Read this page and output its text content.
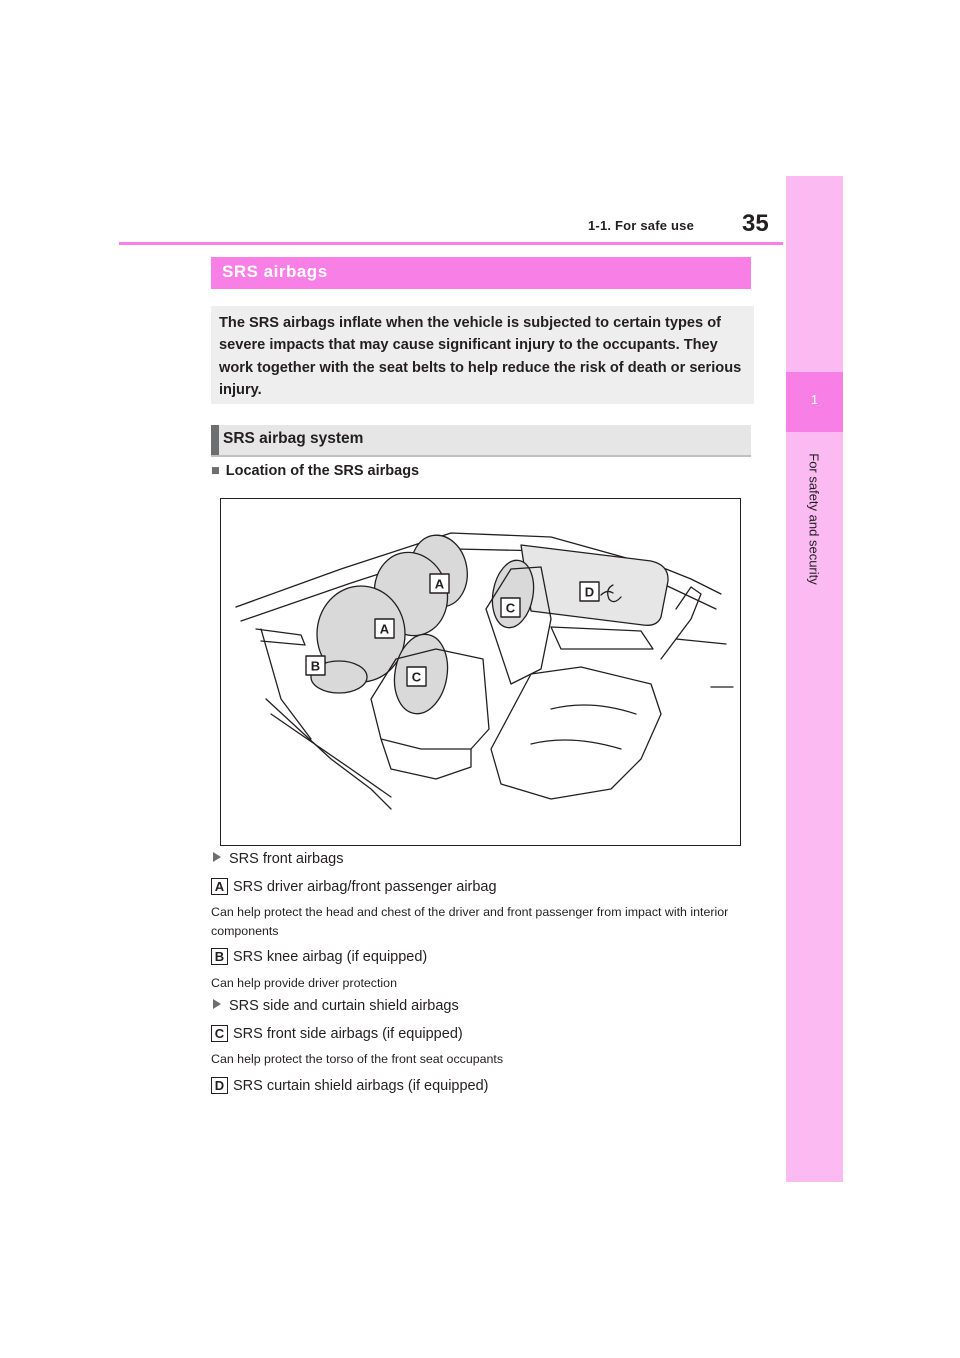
1-1. For safe use 35
1
For safety and security
SRS airbags
The SRS airbags inflate when the vehicle is subjected to certain types of severe impacts that may cause significant injury to the occupants. They work together with the seat belts to help reduce the risk of death or serious injury.
SRS airbag system
■ Location of the SRS airbags
A
A
B
C
C
D
SRS front airbags
A SRS driver airbag/front passenger airbag
Can help protect the head and chest of the driver and front passenger from impact with interior components
B SRS knee airbag (if equipped)
Can help provide driver protection
SRS side and curtain shield airbags
C SRS front side airbags (if equipped)
Can help protect the torso of the front seat occupants
D SRS curtain shield airbags (if equipped)
